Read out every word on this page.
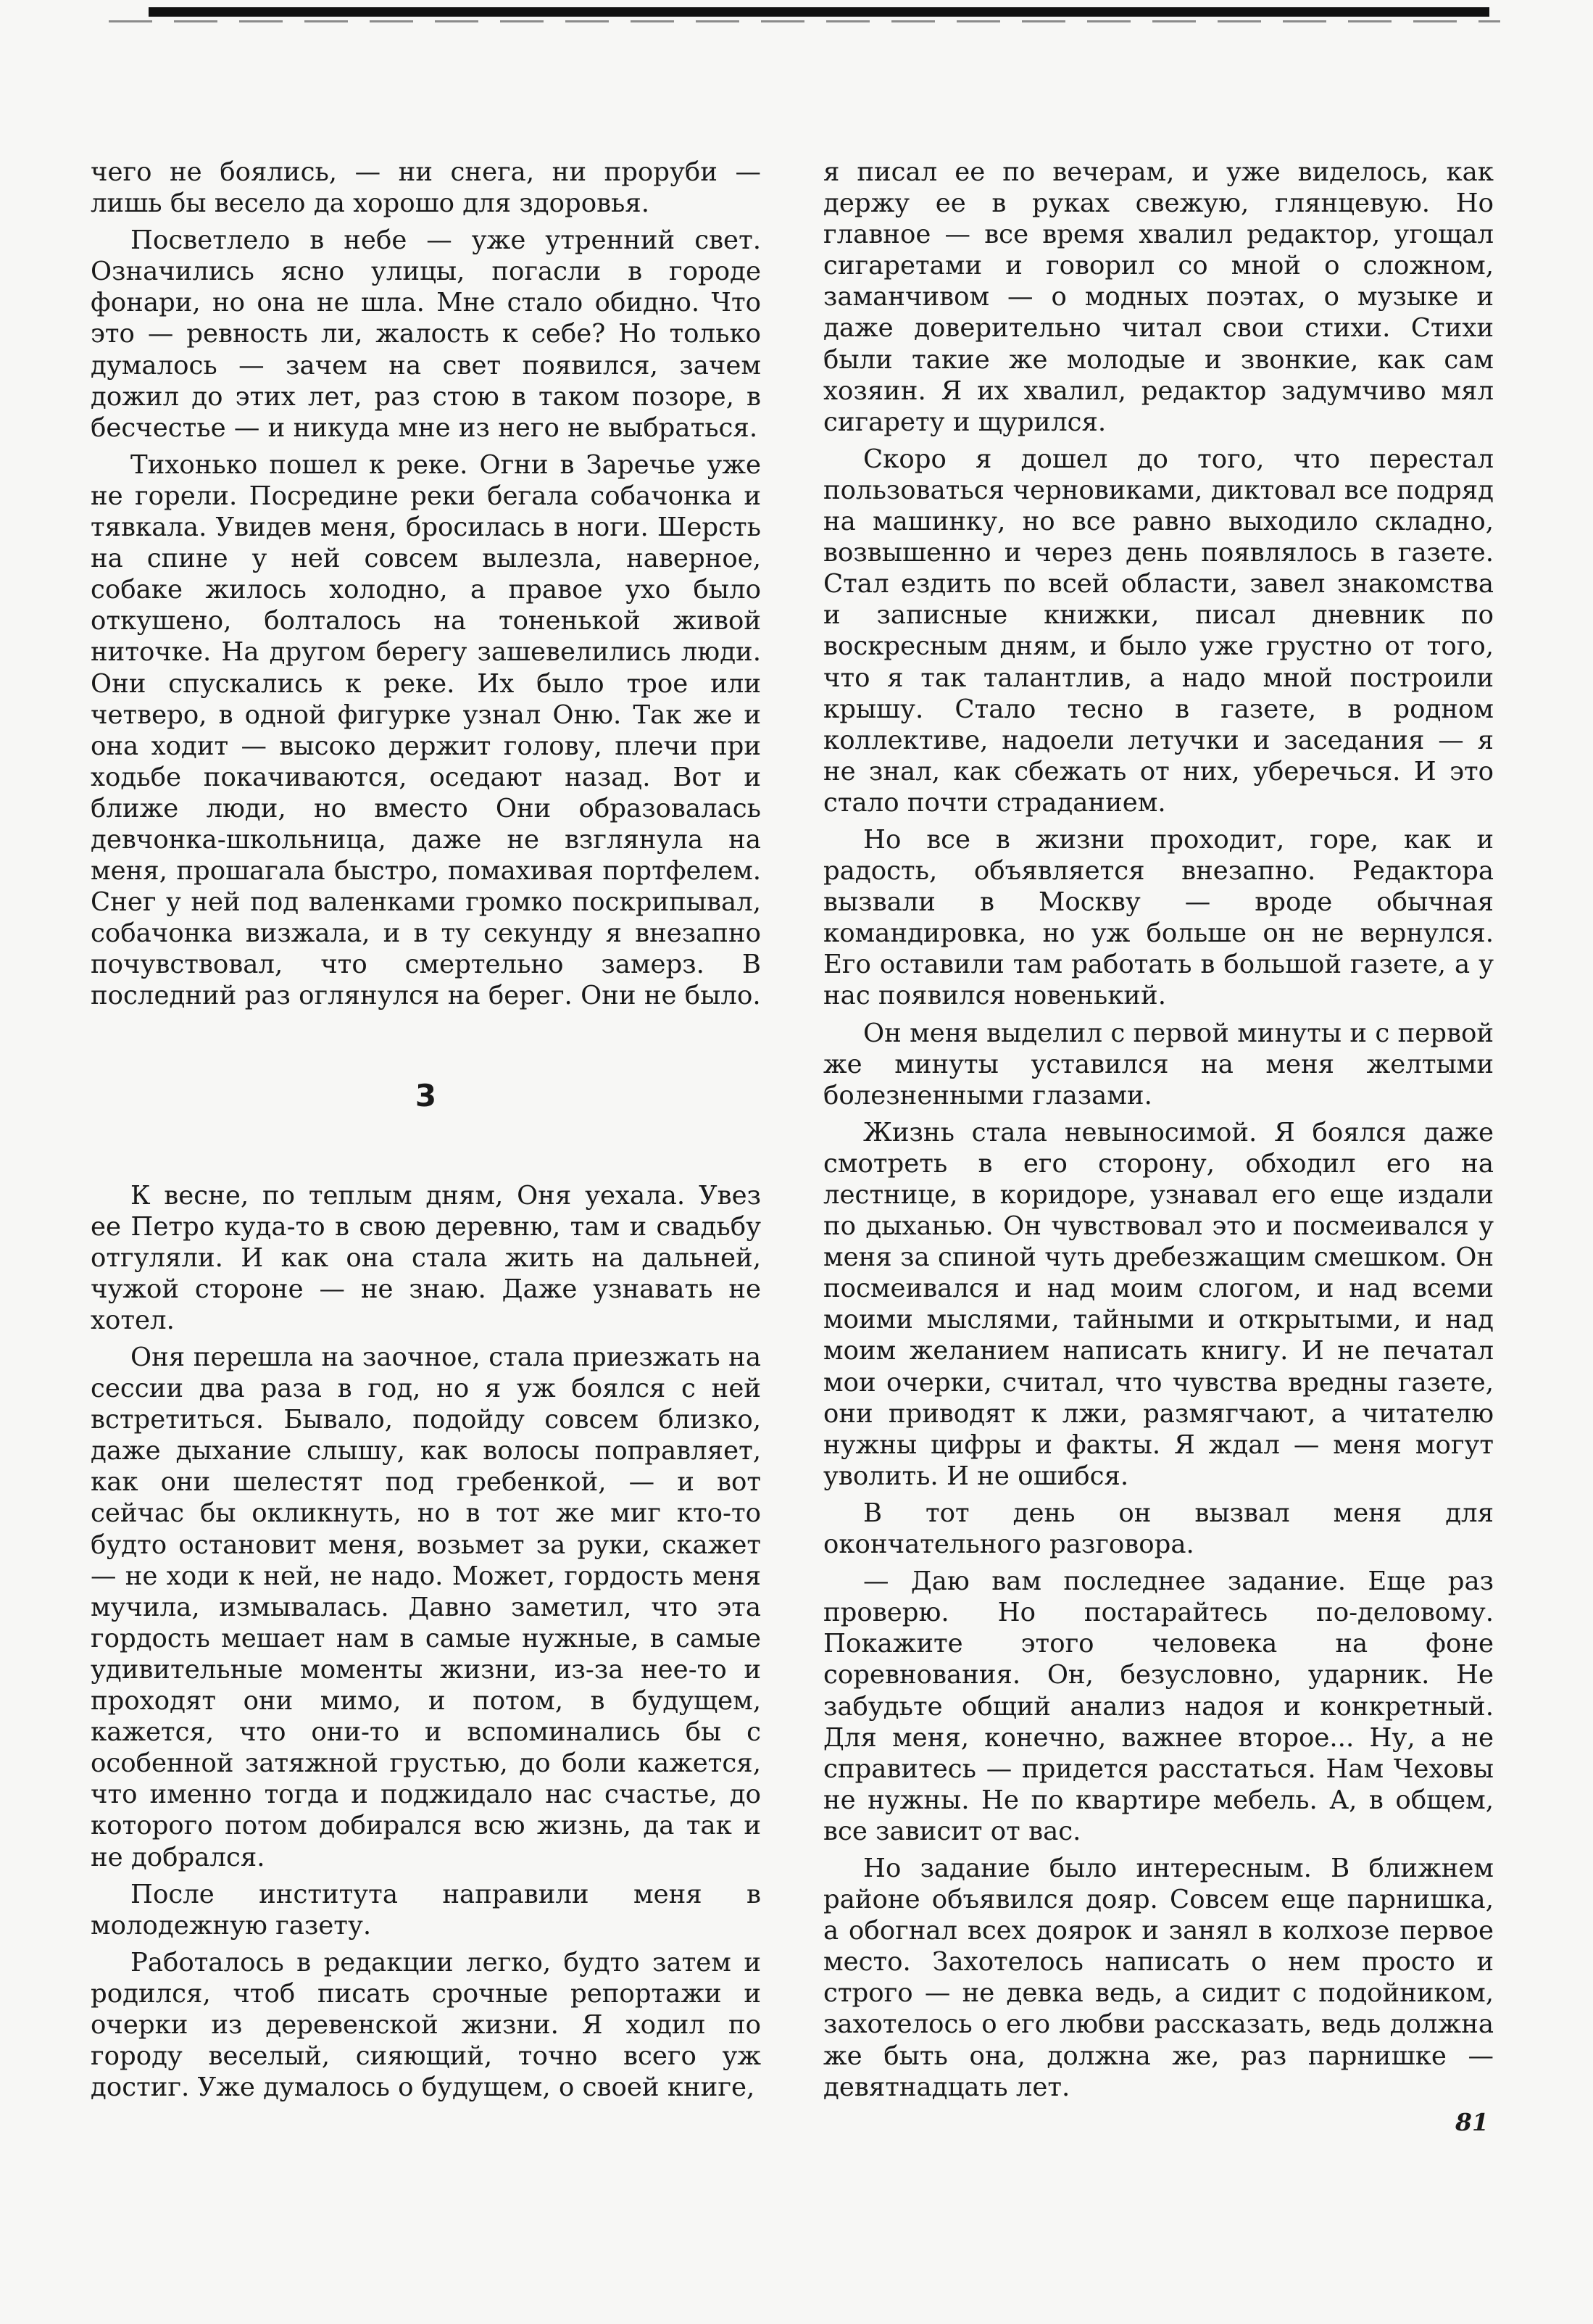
чего не боялись, — ни снега, ни проруби — лишь бы весело да хорошо для здоровья.

Посветлело в небе — уже утренний свет. Означились ясно улицы, погасли в городе фонари, но она не шла. Мне стало обидно. Что это — ревность ли, жалость к себе? Но только думалось — зачем на свет появился, зачем дожил до этих лет, раз стою в таком позоре, в бесчестье — и никуда мне из него не выбраться.

Тихонько пошел к реке. Огни в Заречье уже не горели. Посредине реки бегала собачонка и тявкала. Увидев меня, бросилась в ноги. Шерсть на спине у ней совсем вылезла, наверное, собаке жилось холодно, а правое ухо было откушено, болталось на тоненькой живой ниточке. На другом берегу зашевелились люди. Они спускались к реке. Их было трое или четверо, в одной фигурке узнал Оню. Так же и она ходит — высоко держит голову, плечи при ходьбе покачиваются, оседают назад. Вот и ближе люди, но вместо Они образовалась девчонка-школьница, даже не взглянула на меня, прошагала быстро, помахивая портфелем. Снег у ней под валенками громко поскрипывал, собачонка визжала, и в ту секунду я внезапно почувствовал, что смертельно замерз. В последний раз оглянулся на берег. Они не было.

3

К весне, по теплым дням, Оня уехала. Увез ее Петро куда-то в свою деревню, там и свадьбу отгуляли. И как она стала жить на дальней, чужой стороне — не знаю. Даже узнавать не хотел.

Оня перешла на заочное, стала приезжать на сессии два раза в год, но я уж боялся с ней встретиться. Бывало, подойду совсем близко, даже дыхание слышу, как волосы поправляет, как они шелестят под гребенкой, — и вот сейчас бы окликнуть, но в тот же миг кто-то будто остановит меня, возьмет за руки, скажет — не ходи к ней, не надо. Может, гордость меня мучила, измывалась. Давно заметил, что эта гордость мешает нам в самые нужные, в самые удивительные моменты жизни, из-за нее-то и проходят они мимо, и потом, в будущем, кажется, что они-то и вспоминались бы с особенной затяжной грустью, до боли кажется, что именно тогда и поджидало нас счастье, до которого потом добирался всю жизнь, да так и не добрался.

После института направили меня в молодежную газету.

Работалось в редакции легко, будто затем и родился, чтоб писать срочные репортажи и очерки из деревенской жизни. Я ходил по городу веселый, сияющий, точно всего уж достиг. Уже думалось о будущем, о своей книге,

я писал ее по вечерам, и уже виделось, как держу ее в руках свежую, глянцевую. Но главное — все время хвалил редактор, угощал сигаретами и говорил со мной о сложном, заманчивом — о модных поэтах, о музыке и даже доверительно читал свои стихи. Стихи были такие же молодые и звонкие, как сам хозяин. Я их хвалил, редактор задумчиво мял сигарету и щурился.

Скоро я дошел до того, что перестал пользоваться черновиками, диктовал все подряд на машинку, но все равно выходило складно, возвышенно и через день появлялось в газете. Стал ездить по всей области, завел знакомства и записные книжки, писал дневник по воскресным дням, и было уже грустно от того, что я так талантлив, а надо мной построили крышу. Стало тесно в газете, в родном коллективе, надоели летучки и заседания — я не знал, как сбежать от них, уберечься. И это стало почти страданием.

Но все в жизни проходит, горе, как и радость, объявляется внезапно. Редактора вызвали в Москву — вроде обычная командировка, но уж больше он не вернулся. Его оставили там работать в большой газете, а у нас появился новенький.

Он меня выделил с первой минуты и с первой же минуты уставился на меня желтыми болезненными глазами.

Жизнь стала невыносимой. Я боялся даже смотреть в его сторону, обходил его на лестнице, в коридоре, узнавал его еще издали по дыханью. Он чувствовал это и посмеивался у меня за спиной чуть дребезжащим смешком. Он посмеивался и над моим слогом, и над всеми моими мыслями, тайными и открытыми, и над моим желанием написать книгу. И не печатал мои очерки, считал, что чувства вредны газете, они приводят к лжи, размягчают, а читателю нужны цифры и факты. Я ждал — меня могут уволить. И не ошибся.

В тот день он вызвал меня для окончательного разговора.

— Даю вам последнее задание. Еще раз проверю. Но постарайтесь по-деловому. Покажите этого человека на фоне соревнования. Он, безусловно, ударник. Не забудьте общий анализ надоя и конкретный. Для меня, конечно, важнее второе... Ну, а не справитесь — придется расстаться. Нам Чеховы не нужны. Не по квартире мебель. А, в общем, все зависит от вас.

Но задание было интересным. В ближнем районе объявился дояр. Совсем еще парнишка, а обогнал всех доярок и занял в колхозе первое место. Захотелось написать о нем просто и строго — не девка ведь, а сидит с подойником, захотелось о его любви рассказать, ведь должна же быть она, должна же, раз парнишке — девятнадцать лет.

81
